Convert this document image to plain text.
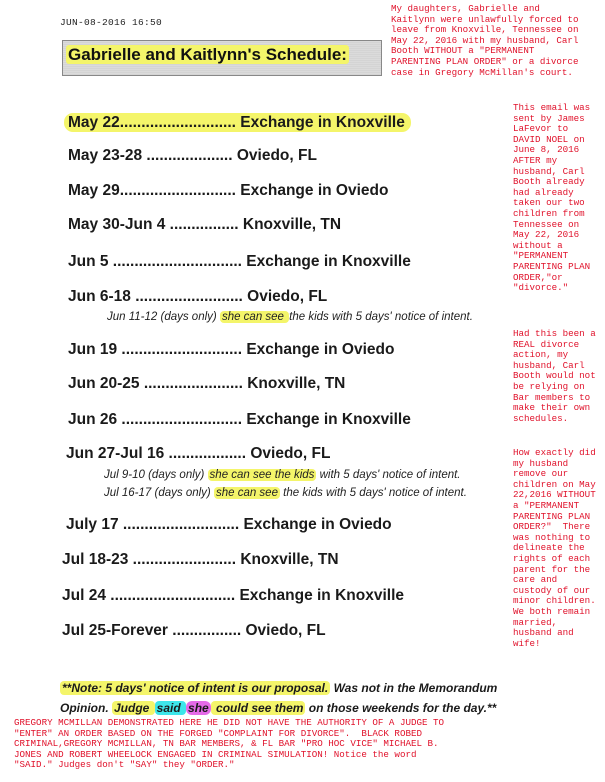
JUN-08-2016 16:50
Gabrielle and Kaitlynn's Schedule:
May 22........................... Exchange in Knoxville
May 23-28 .................... Oviedo, FL
May 29........................... Exchange in Oviedo
May 30-Jun 4 ................ Knoxville, TN
Jun 5 .............................. Exchange in Knoxville
Jun 6-18 ......................... Oviedo, FL
Jun 11-12 (days only) she can see the kids with 5 days' notice of intent.
Jun 19 ............................ Exchange in Oviedo
Jun 20-25 ....................... Knoxville, TN
Jun 26 ............................ Exchange in Knoxville
Jun 27-Jul 16 .................. Oviedo, FL
Jul 9-10 (days only) she can see the kids with 5 days' notice of intent.
Jul 16-17 (days only) she can see the kids with 5 days' notice of intent.
July 17 ........................... Exchange in Oviedo
Jul 18-23 ........................ Knoxville, TN
Jul 24 ............................. Exchange in Knoxville
Jul 25-Forever ................ Oviedo, FL
**Note: 5 days' notice of intent is our proposal. Was not in the Memorandum
Opinion. Judge said she could see them on those weekends for the day.**
My daughters, Gabrielle and
Kaitlynn were unlawfully forced to
leave from Knoxville, Tennessee on
May 22, 2016 with my husband, Carl
Booth WITHOUT a "PERMANENT
PARENTING PLAN ORDER" or a divorce
case in Gregory McMillan's court.
This email was
sent by James
LaFevor to
DAVID NOEL on
June 8, 2016
AFTER my
husband, Carl
Booth already
had already
taken our two
children from
Tennessee on
May 22, 2016
without a
"PERMANENT
PARENTING PLAN
ORDER,"or
"divorce."
Had this been a
REAL divorce
action, my
husband, Carl
Booth would not
be relying on
Bar members to
make their own
schedules.
How exactly did
my husband
remove our
children on May
22,2016 WITHOUT
a "PERMANENT
PARENTING PLAN
ORDER?"  There
was nothing to
delineate the
rights of each
parent for the
care and
custody of our
minor children.
We both remain
married,
husband and
wife!
GREGORY MCMILLAN DEMONSTRATED HERE HE DID NOT HAVE THE AUTHORITY OF A JUDGE TO
"ENTER" AN ORDER BASED ON THE FORGED "COMPLAINT FOR DIVORCE".  BLACK ROBED
CRIMINAL,GREGORY MCMILLAN, TN BAR MEMBERS, & FL BAR "PRO HOC VICE" MICHAEL B.
JONES AND ROBERT WHEELOCK ENGAGED IN CRIMINAL SIMULATION! Notice the word
"SAID." Judges don't "SAY" they "ORDER."
